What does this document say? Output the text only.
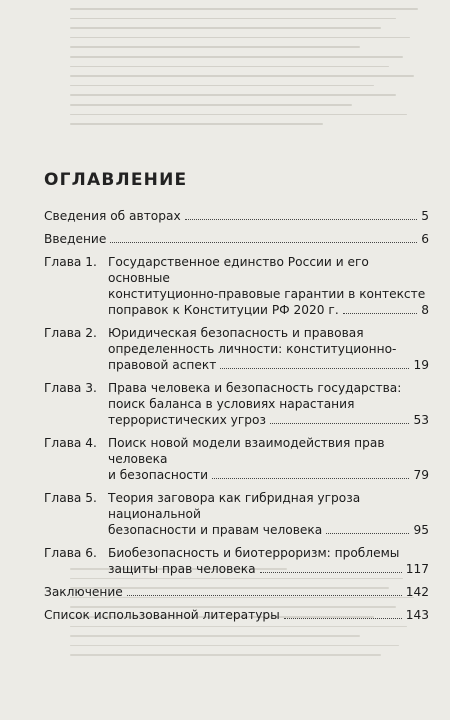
ОГЛАВЛЕНИЕ
Сведения об авторах	5
Введение	6
Глава 1. Государственное единство России и его основные
конституционно-правовые гарантии в контексте
поправок к Конституции РФ 2020 г.	8
Глава 2. Юридическая безопасность и правовая
определенность личности: конституционно-
правовой аспект	19
Глава 3. Права человека и безопасность государства:
поиск баланса в условиях нарастания
террористических угроз	53
Глава 4. Поиск новой модели взаимодействия прав человека
и безопасности	79
Глава 5. Теория заговора как гибридная угроза национальной
безопасности и правам человека	95
Глава 6. Биобезопасность и биотерроризм: проблемы
защиты прав человека	117
Заключение	142
Список использованной литературы	143
